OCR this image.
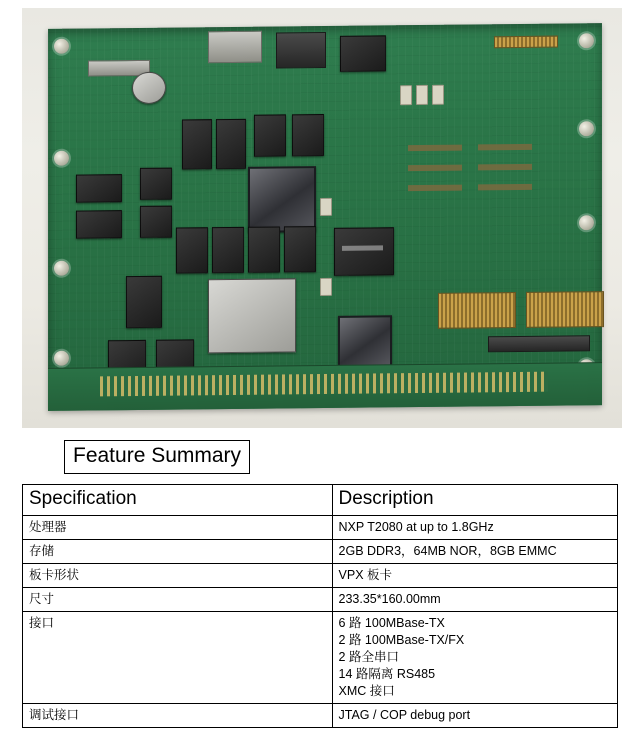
Feature Summary
Specification	Description
处理器	NXP T2080 at up to 1.8GHz
存储	2GB DDR3，64MB NOR，8GB EMMC
板卡形状	VPX 板卡
尺寸	233.35*160.00mm
接口	6 路 100MBase-TX
2 路 100MBase-TX/FX
2 路全串口
14 路隔离 RS485
XMC 接口

调试接口	JTAG / COP debug port
